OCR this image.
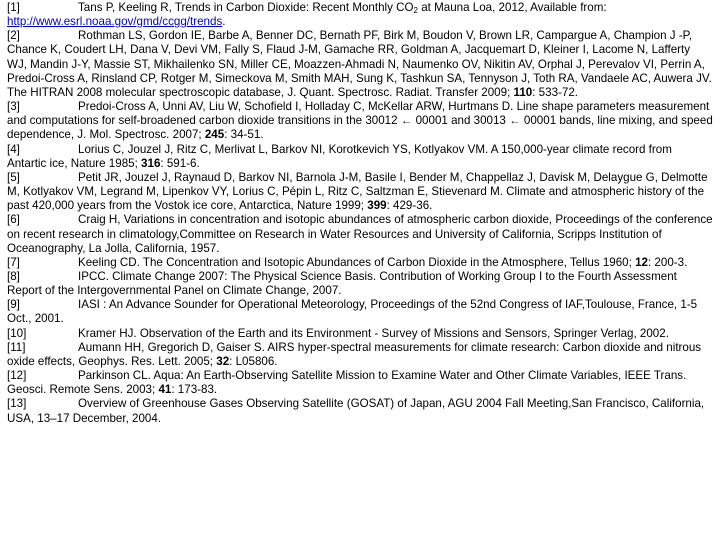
[1]	Tans P, Keeling R, Trends in Carbon Dioxide: Recent Monthly $CO_2$ at Mauna Loa, 2012, Available from: http://www.esrl.noaa.gov/gmd/ccgg/trends.

[2]	Rothman LS, Gordon IE, Barbe A, Benner DC, Bernath PF, Birk M, Boudon V, Brown LR, Campargue A, Champion J -P, Chance K, Coudert LH, Dana V, Devi VM, Fally S, Flaud J-M, Gamache RR, Goldman A, Jacquemart D, Kleiner I, Lacome N, Lafferty WJ, Mandin J-Y, Massie ST, Mikhailenko SN, Miller CE, Moazzen-Ahmadi N, Naumenko OV, Nikitin AV, Orphal J, Perevalov VI, Perrin A, Predoi-Cross A, Rinsland CP, Rotger M, Simeckova M, Smith MAH, Sung K, Tashkun SA, Tennyson J, Toth RA, Vandaele AC, Auwera JV. The HITRAN 2008 molecular spectroscopic database, J. Quant. Spectrosc. Radiat. Transfer 2009; 110: 533-72.

[3]	Predoi-Cross A, Unni AV, Liu W, Schofield I, Holladay C, McKellar ARW, Hurtmans D. Line shape parameters measurement and computations for self-broadened carbon dioxide transitions in the 30012 ← 00001 and 30013 ← 00001 bands, line mixing, and speed dependence, J. Mol. Spectrosc. 2007; 245: 34-51.

[4]	Lorius C, Jouzel J, Ritz C, Merlivat L, Barkov NI, Korotkevich YS, Kotlyakov VM. A 150,000-year climate record from Antartic ice, Nature 1985; 316: 591-6.

[5]	Petit JR, Jouzel J, Raynaud D, Barkov NI, Barnola J-M, Basile I, Bender M, Chappellaz J, Davisk M, Delaygue G, Delmotte M, Kotlyakov VM, Legrand M, Lipenkov VY, Lorius C, Pépin L, Ritz C, Saltzman E, Stievenard M. Climate and atmospheric history of the past 420,000 years from the Vostok ice core, Antarctica, Nature 1999; 399: 429-36.

[6]	Craig H, Variations in concentration and isotopic abundances of atmospheric carbon dioxide, Proceedings of the conference on recent research in climatology,Committee on Research in Water Resources and University of California, Scripps Institution of Oceanography, La Jolla, California, 1957.

[7]	Keeling CD. The Concentration and Isotopic Abundances of Carbon Dioxide in the Atmosphere, Tellus 1960; 12: 200-3.

[8]	IPCC. Climate Change 2007: The Physical Science Basis. Contribution of Working Group I to the Fourth Assessment Report of the Intergovernmental Panel on Climate Change, 2007.

[9]	IASI : An Advance Sounder for Operational Meteorology, Proceedings of the 52nd Congress of IAF,Toulouse, France, 1-5 Oct., 2001.

[10]	Kramer HJ. Observation of the Earth and its Environment - Survey of Missions and Sensors, Springer Verlag, 2002.

[11]	Aumann HH, Gregorich D, Gaiser S. AIRS hyper-spectral measurements for climate research: Carbon dioxide and nitrous oxide effects, Geophys. Res. Lett. 2005; 32: L05806.

[12]	Parkinson CL. Aqua: An Earth-Observing Satellite Mission to Examine Water and Other Climate Variables, IEEE Trans. Geosci. Remote Sens. 2003; 41: 173-83.

[13]	Overview of Greenhouse Gases Observing Satellite (GOSAT) of Japan, AGU 2004 Fall Meeting,San Francisco, California, USA, 13–17 December, 2004.
